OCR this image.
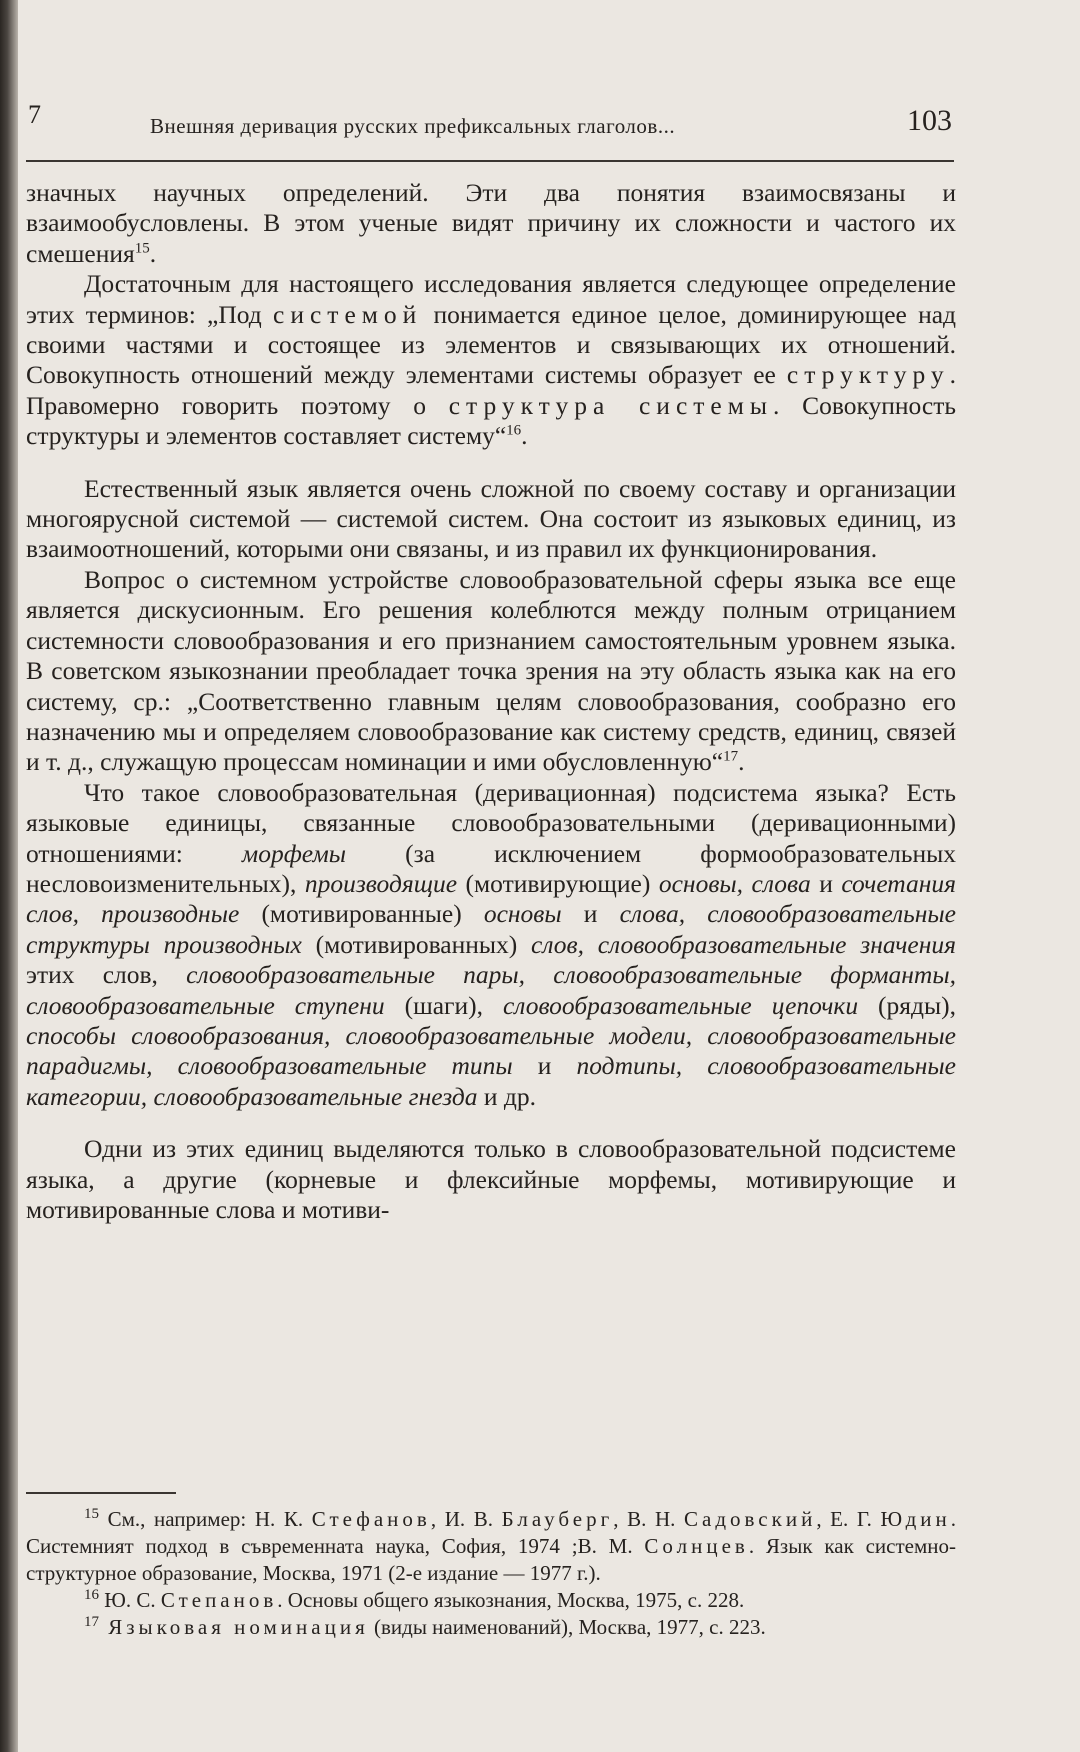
7	Внешняя деривация русских префиксальных глаголов...	103

значных научных определений. Эти два понятия взаимосвязаны и взаимообусловлены. В этом ученые видят причину их сложности и частого их смешения$^{15}$.

Достаточным для настоящего исследования является следующее определение этих терминов: „Под системой понимается единое целое, доминирующее над своими частями и состоящее из элементов и связывающих их отношений. Совокупность отношений между элементами системы образует ее структуру. Правомерно говорить поэтому о структура системы. Совокупность структуры и элементов составляет систему“$^{16}$.

Естественный язык является очень сложной по своему составу и организации многоярусной системой — системой систем. Она состоит из языковых единиц, из взаимоотношений, которыми они связаны, и из правил их функционирования.

Вопрос о системном устройстве словообразовательной сферы языка все еще является дискусионным. Его решения колеблются между полным отрицанием системности словообразования и его признанием самостоятельным уровнем языка. В советском языкознании преобладает точка зрения на эту область языка как на его систему, ср.: „Соответственно главным целям словообразования, сообразно его назначению мы и определяем словообразование как систему средств, единиц, связей и т. д., служащую процессам номинации и ими обусловленную“$^{17}$.

Что такое словообразовательная (деривационная) подсистема языка? Есть языковые единицы, связанные словообразовательными (деривационными) отношениями: морфемы (за исключением формообразовательных несловоизменительных), производящие (мотивирующие) основы, слова и сочетания слов, производные (мотивированные) основы и слова, словообразовательные структуры производных (мотивированных) слов, словообразовательные значения этих слов, словообразовательные пары, словообразовательные форманты, словообразовательные ступени (шаги), словообразовательные цепочки (ряды), способы словообразования, словообразовательные модели, словообразовательные парадигмы, словообразовательные типы и подтипы, словообразовательные категории, словообразовательные гнезда и др.

Одни из этих единиц выделяются только в словообразовательной подсистеме языка, а другие (корневые и флексийные морфемы, мотивирующие и мотивированные слова и мотиви-

$^{15}$ См., например: Н. К. Стефанов, И. В. Блауберг, В. Н. Садовский, Е. Г. Юдин. Системният подход в съвременната наука, София, 1974 ;В. М. Солнцев. Язык как системно-структурное образование, Москва, 1971 (2-е издание — 1977 г.).

$^{16}$ Ю. С. Степанов. Основы общего языкознания, Москва, 1975, с. 228.

$^{17}$ Языковая номинация (виды наименований), Москва, 1977, с. 223.
